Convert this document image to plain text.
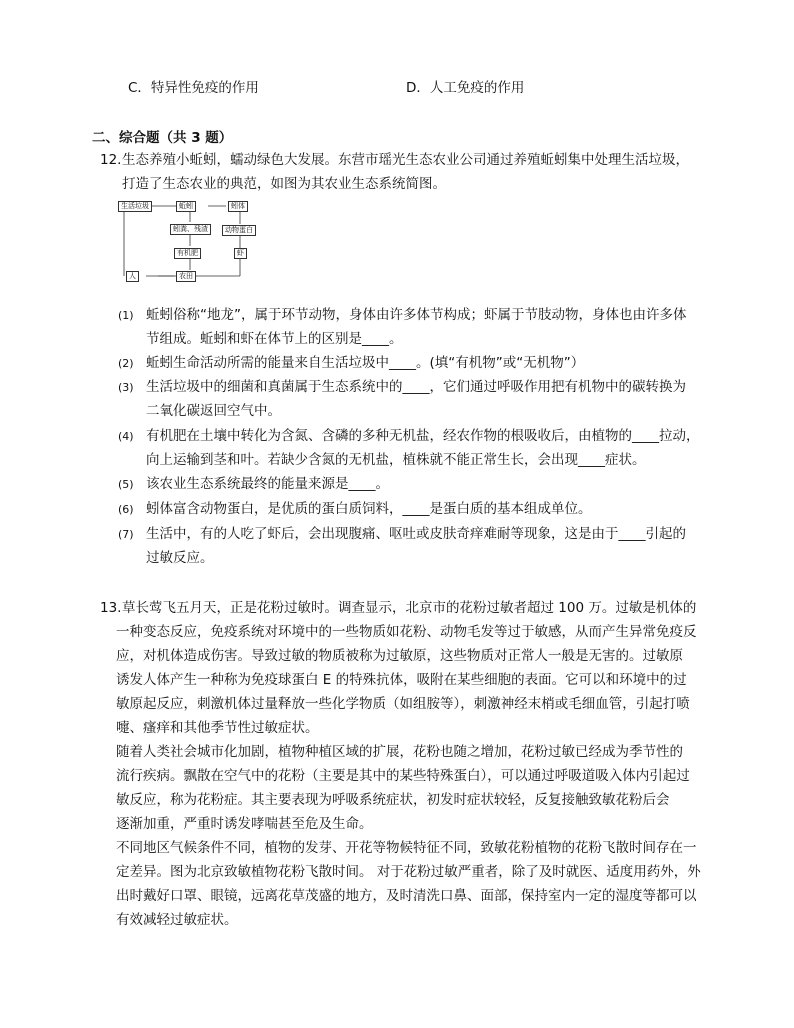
C．特异性免疫的作用	D．人工免疫的作用
二、综合题（共 3 题）
12. 生态养殖小蚯蚓，蠕动绿色大发展。东营市瑶光生态农业公司通过养殖蚯蚓集中处理生活垃圾，
打造了生态农业的典范，如图为其农业生态系统简图。
生活垃圾	蚯蚓	蚓体
蚓粪、残渣	动物蛋白
有机肥	虾
农田
人
(1) 蚯蚓俗称“地龙”，属于环节动物，身体由许多体节构成；虾属于节肢动物，身体也由许多体
节组成。蚯蚓和虾在体节上的区别是____。
(2) 蚯蚓生命活动所需的能量来自生活垃圾中____。(填“有机物”或“无机物”）
(3) 生活垃圾中的细菌和真菌属于生态系统中的____，它们通过呼吸作用把有机物中的碳转换为
二氧化碳返回空气中。
(4) 有机肥在土壤中转化为含氮、含磷的多种无机盐，经农作物的根吸收后，由植物的____拉动，
向上运输到茎和叶。若缺少含氮的无机盐，植株就不能正常生长，会出现____症状。
(5) 该农业生态系统最终的能量来源是____。
(6) 蚓体富含动物蛋白，是优质的蛋白质饲料，____是蛋白质的基本组成单位。
(7) 生活中，有的人吃了虾后，会出现腹痛、呕吐或皮肤奇痒难耐等现象，这是由于____引起的
过敏反应。
13. 草长莺飞五月天，正是花粉过敏时。调查显示，北京市的花粉过敏者超过 100 万。过敏是机体的
一种变态反应，免疫系统对环境中的一些物质如花粉、动物毛发等过于敏感，从而产生异常免疫反
应，对机体造成伤害。导致过敏的物质被称为过敏原，这些物质对正常人一般是无害的。过敏原
诱发人体产生一种称为免疫球蛋白 E 的特殊抗体，吸附在某些细胞的表面。它可以和环境中的过
敏原起反应，刺激机体过量释放一些化学物质（如组胺等），刺激神经末梢或毛细血管，引起打喷
嚏、瘙痒和其他季节性过敏症状。
随着人类社会城市化加剧，植物种植区域的扩展，花粉也随之增加，花粉过敏已经成为季节性的
流行疾病。飘散在空气中的花粉（主要是其中的某些特殊蛋白），可以通过呼吸道吸入体内引起过
敏反应，称为花粉症。其主要表现为呼吸系统症状，初发时症状较轻，反复接触致敏花粉后会
逐渐加重，严重时诱发哮喘甚至危及生命。
不同地区气候条件不同，植物的发芽、开花等物候特征不同，致敏花粉植物的花粉飞散时间存在一
定差异。图为北京致敏植物花粉飞散时间。 对于花粉过敏严重者，除了及时就医、适度用药外，外
出时戴好口罩、眼镜，远离花草茂盛的地方，及时清洗口鼻、面部，保持室内一定的湿度等都可以
有效减轻过敏症状。
